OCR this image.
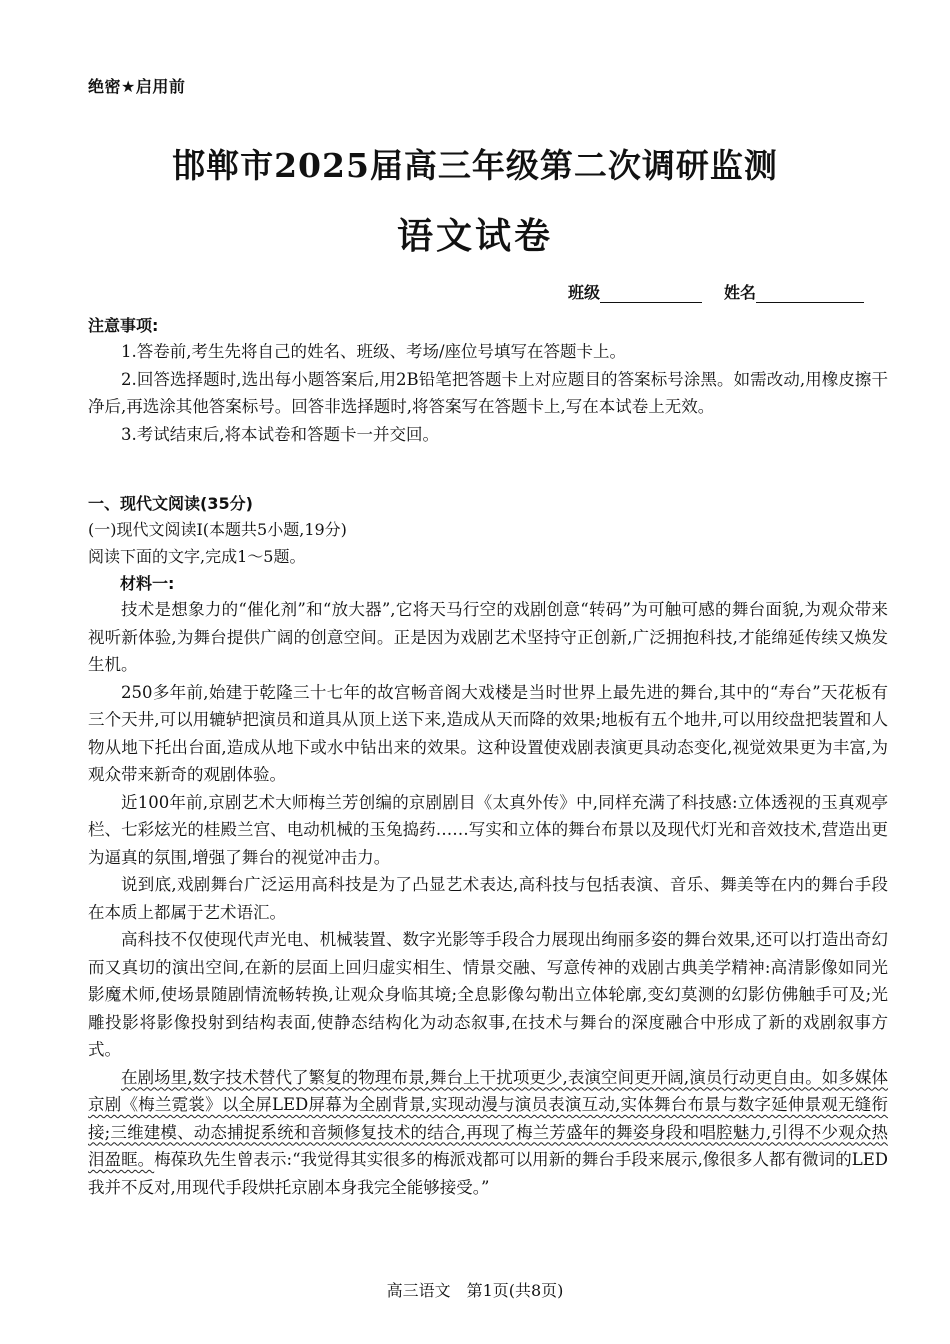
绝密★启用前
邯郸市2025届高三年级第二次调研监测
语文试卷
班级	姓名
注意事项:

1.答卷前,考生先将自己的姓名、班级、考场/座位号填写在答题卡上。

2.回答选择题时,选出每小题答案后,用2B铅笔把答题卡上对应题目的答案标号涂黑。如需改动,用橡皮擦干净后,再选涂其他答案标号。回答非选择题时,将答案写在答题卡上,写在本试卷上无效。

3.考试结束后,将本试卷和答题卡一并交回。

一、现代文阅读(35分)
(一)现代文阅读Ⅰ(本题共5小题,19分)
阅读下面的文字,完成1～5题。
材料一:

技术是想象力的“催化剂”和“放大器”,它将天马行空的戏剧创意“转码”为可触可感的舞台面貌,为观众带来视听新体验,为舞台提供广阔的创意空间。正是因为戏剧艺术坚持守正创新,广泛拥抱科技,才能绵延传续又焕发生机。

250多年前,始建于乾隆三十七年的故宫畅音阁大戏楼是当时世界上最先进的舞台,其中的“寿台”天花板有三个天井,可以用辘轳把演员和道具从顶上送下来,造成从天而降的效果;地板有五个地井,可以用绞盘把装置和人物从地下托出台面,造成从地下或水中钻出来的效果。这种设置使戏剧表演更具动态变化,视觉效果更为丰富,为观众带来新奇的观剧体验。

近100年前,京剧艺术大师梅兰芳创编的京剧剧目《太真外传》中,同样充满了科技感:立体透视的玉真观亭栏、七彩炫光的桂殿兰宫、电动机械的玉兔捣药……写实和立体的舞台布景以及现代灯光和音效技术,营造出更为逼真的氛围,增强了舞台的视觉冲击力。

说到底,戏剧舞台广泛运用高科技是为了凸显艺术表达,高科技与包括表演、音乐、舞美等在内的舞台手段在本质上都属于艺术语汇。

高科技不仅使现代声光电、机械装置、数字光影等手段合力展现出绚丽多姿的舞台效果,还可以打造出奇幻而又真切的演出空间,在新的层面上回归虚实相生、情景交融、写意传神的戏剧古典美学精神:高清影像如同光影魔术师,使场景随剧情流畅转换,让观众身临其境;全息影像勾勒出立体轮廓,变幻莫测的幻影仿佛触手可及;光雕投影将影像投射到结构表面,使静态结构化为动态叙事,在技术与舞台的深度融合中形成了新的戏剧叙事方式。

在剧场里,数字技术替代了繁复的物理布景,舞台上干扰项更少,表演空间更开阔,演员行动更自由。如多媒体京剧《梅兰霓裳》以全屏LED屏幕为全剧背景,实现动漫与演员表演互动,实体舞台布景与数字延伸景观无缝衔接;三维建模、动态捕捉系统和音频修复技术的结合,再现了梅兰芳盛年的舞姿身段和唱腔魅力,引得不少观众热泪盈眶。梅葆玖先生曾表示:“我觉得其实很多的梅派戏都可以用新的舞台手段来展示,像很多人都有微词的LED我并不反对,用现代手段烘托京剧本身我完全能够接受。”

高三语文　第1页(共8页)
